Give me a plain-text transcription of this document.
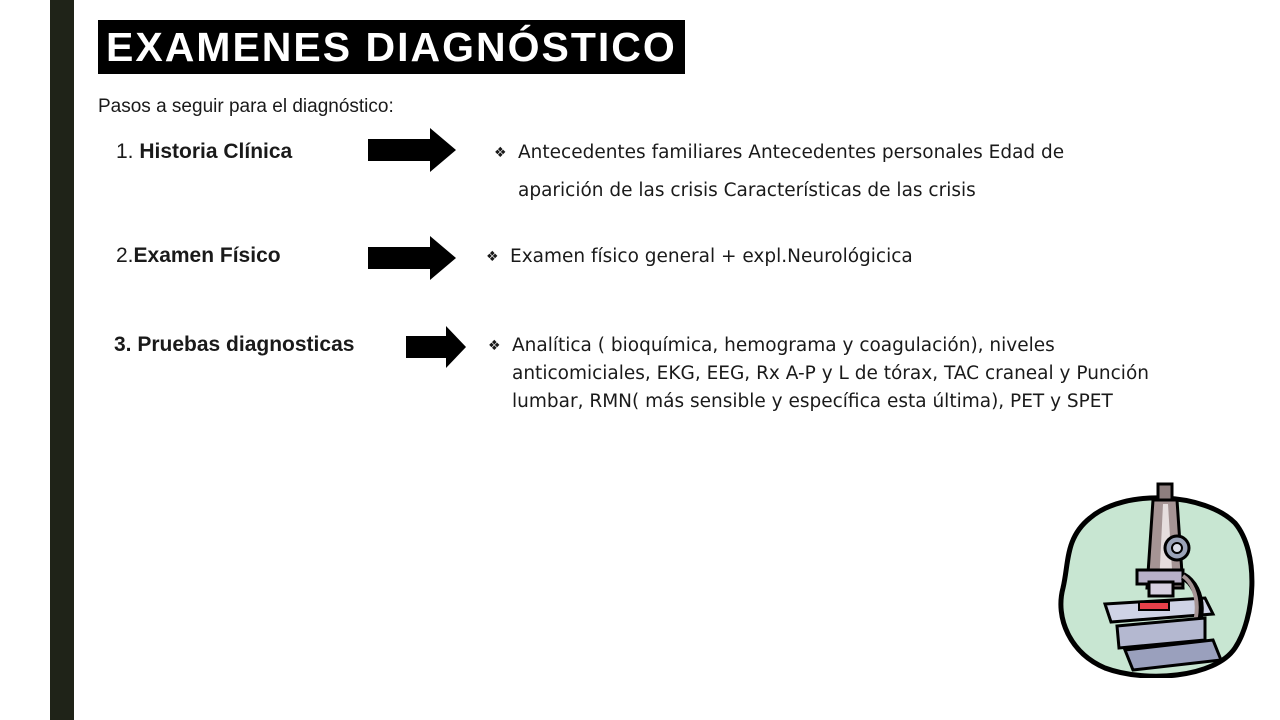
EXAMENES DIAGNÓSTICO
Pasos a seguir para el diagnóstico:
1. Historia Clínica	❖ Antecedentes familiares Antecedentes personales Edad de aparición de las crisis Características de las crisis
2.Examen Físico	❖ Examen físico general + expl.Neurológicica
3. Pruebas diagnosticas	❖ Analítica ( bioquímica, hemograma y coagulación), niveles anticomiciales, EKG, EEG, Rx A-P y L de tórax, TAC craneal y Punción lumbar, RMN( más sensible y específica esta última), PET y SPET
